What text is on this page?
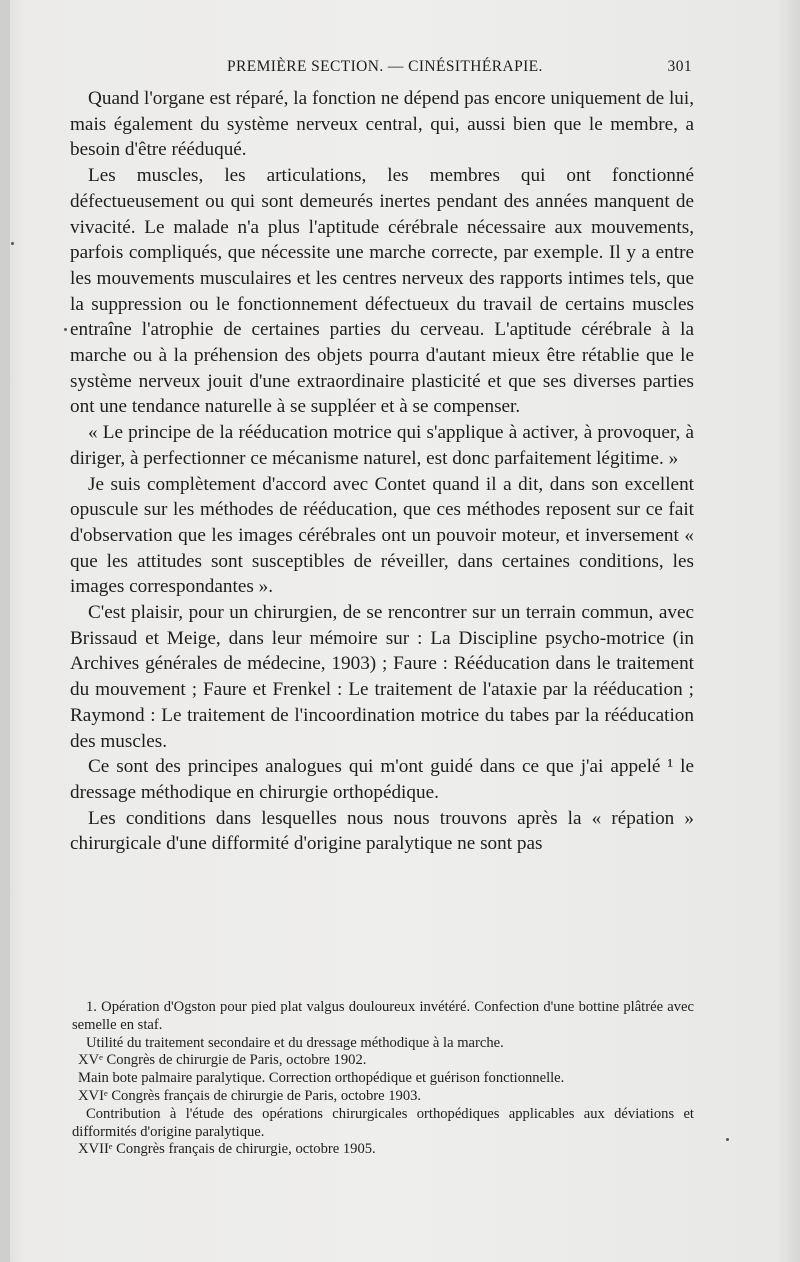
PREMIÈRE SECTION. — CINÉSITHÉRAPIE.	301

Quand l'organe est réparé, la fonction ne dépend pas encore uniquement de lui, mais également du système nerveux central, qui, aussi bien que le membre, a besoin d'être rééduqué.

Les muscles, les articulations, les membres qui ont fonctionné défectueusement ou qui sont demeurés inertes pendant des années manquent de vivacité. Le malade n'a plus l'aptitude cérébrale nécessaire aux mouvements, parfois compliqués, que nécessite une marche correcte, par exemple. Il y a entre les mouvements musculaires et les centres nerveux des rapports intimes tels, que la suppression ou le fonctionnement défectueux du travail de certains muscles entraîne l'atrophie de certaines parties du cerveau. L'aptitude cérébrale à la marche ou à la préhension des objets pourra d'autant mieux être rétablie que le système nerveux jouit d'une extraordinaire plasticité et que ses diverses parties ont une tendance naturelle à se suppléer et à se compenser.

« Le principe de la rééducation motrice qui s'applique à activer, à provoquer, à diriger, à perfectionner ce mécanisme naturel, est donc parfaitement légitime. »

Je suis complètement d'accord avec Contet quand il a dit, dans son excellent opuscule sur les méthodes de rééducation, que ces méthodes reposent sur ce fait d'observation que les images cérébrales ont un pouvoir moteur, et inversement « que les attitudes sont susceptibles de réveiller, dans certaines conditions, les images correspondantes ».

C'est plaisir, pour un chirurgien, de se rencontrer sur un terrain commun, avec Brissaud et Meige, dans leur mémoire sur : La Discipline psycho-motrice (in Archives générales de médecine, 1903) ; Faure : Rééducation dans le traitement du mouvement ; Faure et Frenkel : Le traitement de l'ataxie par la rééducation ; Raymond : Le traitement de l'incoordination motrice du tabes par la rééducation des muscles.

Ce sont des principes analogues qui m'ont guidé dans ce que j'ai appelé ¹ le dressage méthodique en chirurgie orthopédique.

Les conditions dans lesquelles nous nous trouvons après la « répation » chirurgicale d'une difformité d'origine paralytique ne sont pas

1. Opération d'Ogston pour pied plat valgus douloureux invétéré. Confection d'une bottine plâtrée avec semelle en staf.

Utilité du traitement secondaire et du dressage méthodique à la marche.

XVᵉ Congrès de chirurgie de Paris, octobre 1902.

Main bote palmaire paralytique. Correction orthopédique et guérison fonctionnelle.

XVIᵉ Congrès français de chirurgie de Paris, octobre 1903.

Contribution à l'étude des opérations chirurgicales orthopédiques applicables aux déviations et difformités d'origine paralytique.

XVIIᵉ Congrès français de chirurgie, octobre 1905.
